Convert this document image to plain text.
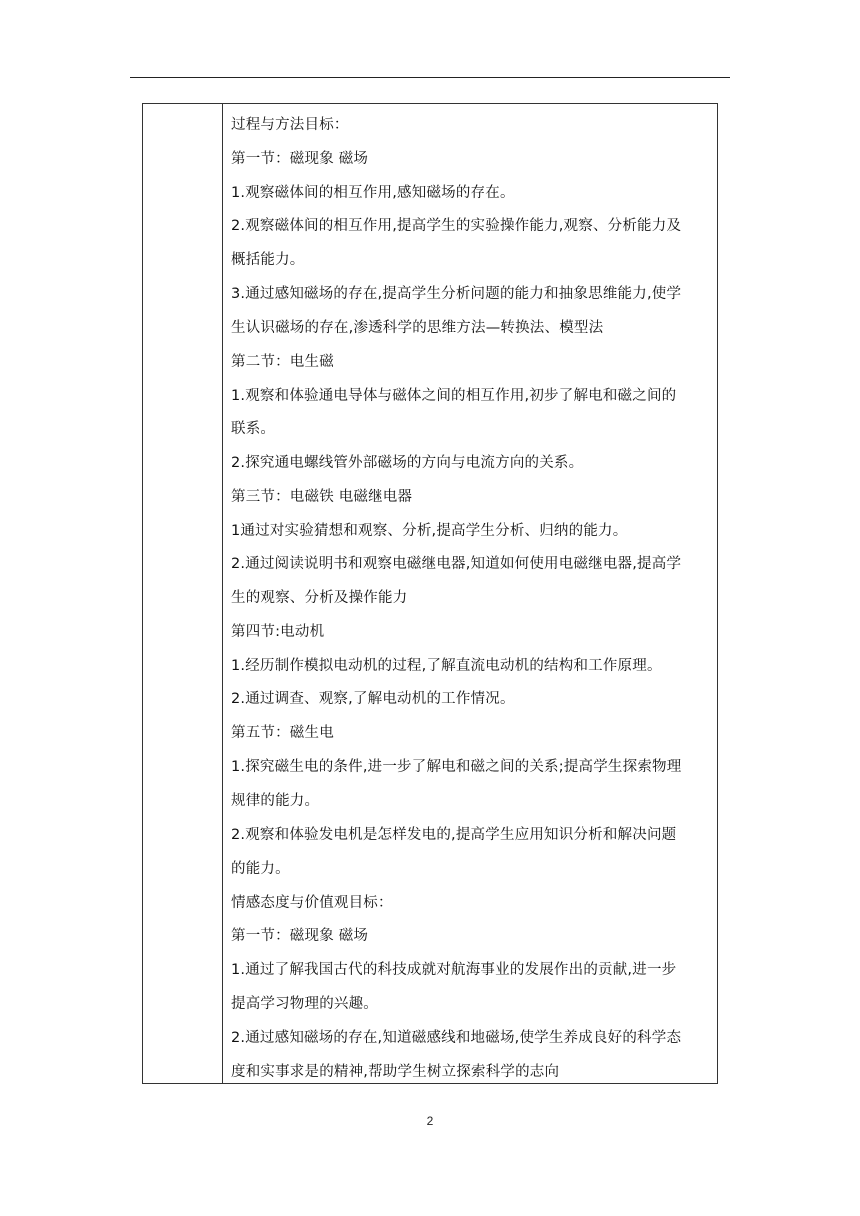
过程与方法目标：
第一节：磁现象 磁场
1.观察磁体间的相互作用,感知磁场的存在。
2.观察磁体间的相互作用,提高学生的实验操作能力,观察、分析能力及
概括能力。
3.通过感知磁场的存在,提高学生分析问题的能力和抽象思维能力,使学
生认识磁场的存在,渗透科学的思维方法—转换法、模型法
第二节：电生磁
1.观察和体验通电导体与磁体之间的相互作用,初步了解电和磁之间的
联系。
2.探究通电螺线管外部磁场的方向与电流方向的关系。
第三节：电磁铁 电磁继电器
1通过对实验猜想和观察、分析,提高学生分析、归纳的能力。
2.通过阅读说明书和观察电磁继电器,知道如何使用电磁继电器,提高学
生的观察、分析及操作能力
第四节:电动机
1.经历制作模拟电动机的过程,了解直流电动机的结构和工作原理。
2.通过调查、观察,了解电动机的工作情况。
第五节：磁生电
1.探究磁生电的条件,进一步了解电和磁之间的关系;提高学生探索物理
规律的能力。
2.观察和体验发电机是怎样发电的,提高学生应用知识分析和解决问题
的能力。
情感态度与价值观目标：
第一节：磁现象 磁场
1.通过了解我国古代的科技成就对航海事业的发展作出的贡献,进一步
提高学习物理的兴趣。
2.通过感知磁场的存在,知道磁感线和地磁场,使学生养成良好的科学态
度和实事求是的精神,帮助学生树立探索科学的志向
2
